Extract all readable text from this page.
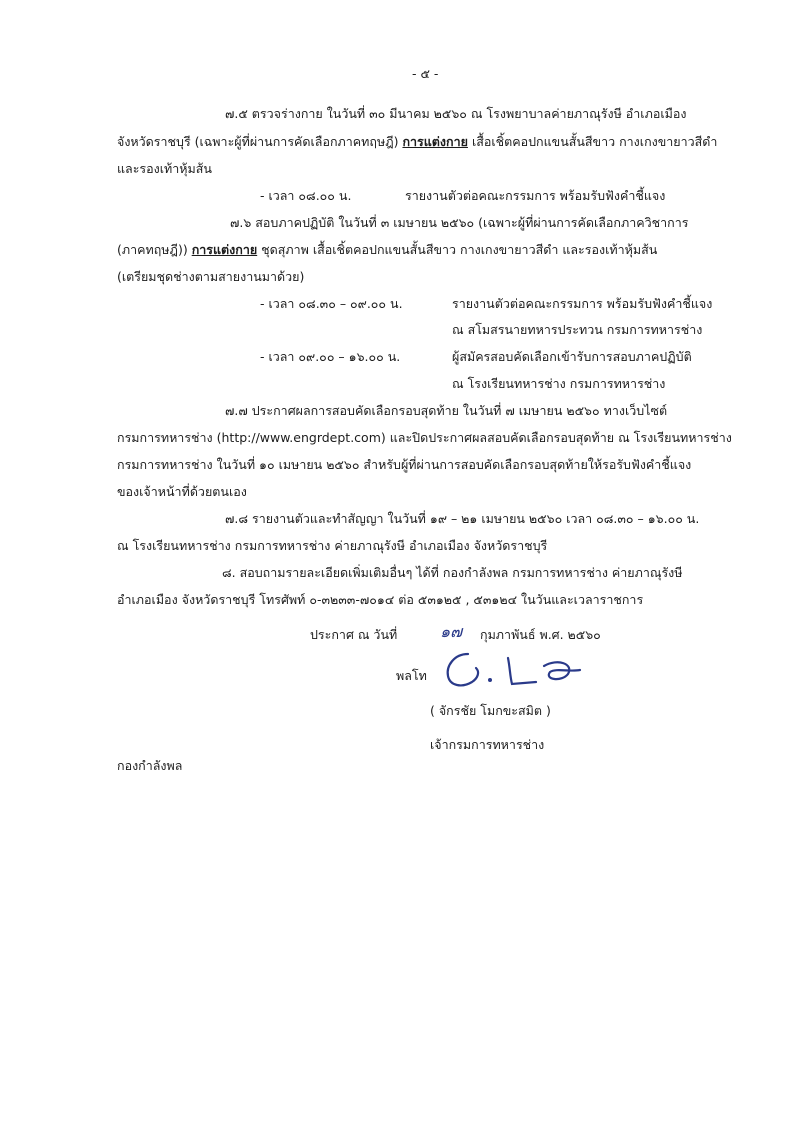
- ๕ -
๗.๕ ตรวจร่างกาย ในวันที่ ๓๐ มีนาคม ๒๕๖๐ ณ โรงพยาบาลค่ายภาณุรังษี อำเภอเมือง
จังหวัดราชบุรี (เฉพาะผู้ที่ผ่านการคัดเลือกภาคทฤษฎี) การแต่งกาย เสื้อเชิ้ตคอปกแขนสั้นสีขาว กางเกงขายาวสีดำ
และรองเท้าหุ้มส้น
- เวลา ๐๘.๐๐ น.	รายงานตัวต่อคณะกรรมการ พร้อมรับฟังคำชี้แจง
๗.๖ สอบภาคปฏิบัติ ในวันที่ ๓ เมษายน ๒๕๖๐ (เฉพาะผู้ที่ผ่านการคัดเลือกภาควิชาการ
(ภาคทฤษฎี)) การแต่งกาย ชุดสุภาพ เสื้อเชิ้ตคอปกแขนสั้นสีขาว กางเกงขายาวสีดำ และรองเท้าหุ้มส้น
(เตรียมชุดช่างตามสายงานมาด้วย)
- เวลา ๐๘.๓๐ – ๐๙.๐๐ น.	รายงานตัวต่อคณะกรรมการ พร้อมรับฟังคำชี้แจง
ณ สโมสรนายทหารประทวน กรมการทหารช่าง
- เวลา ๐๙.๐๐ – ๑๖.๐๐ น.	ผู้สมัครสอบคัดเลือกเข้ารับการสอบภาคปฏิบัติ
ณ โรงเรียนทหารช่าง กรมการทหารช่าง
๗.๗ ประกาศผลการสอบคัดเลือกรอบสุดท้าย ในวันที่ ๗ เมษายน ๒๕๖๐ ทางเว็บไซต์
กรมการทหารช่าง (http://www.engrdept.com) และปิดประกาศผลสอบคัดเลือกรอบสุดท้าย ณ โรงเรียนทหารช่าง
กรมการทหารช่าง ในวันที่ ๑๐ เมษายน ๒๕๖๐ สำหรับผู้ที่ผ่านการสอบคัดเลือกรอบสุดท้ายให้รอรับฟังคำชี้แจง
ของเจ้าหน้าที่ด้วยตนเอง
๗.๘ รายงานตัวและทำสัญญา ในวันที่ ๑๙ – ๒๑ เมษายน ๒๕๖๐ เวลา ๐๘.๓๐ – ๑๖.๐๐ น.
ณ โรงเรียนทหารช่าง กรมการทหารช่าง ค่ายภาณุรังษี อำเภอเมือง จังหวัดราชบุรี
๘. สอบถามรายละเอียดเพิ่มเติมอื่นๆ ได้ที่ กองกำลังพล กรมการทหารช่าง ค่ายภาณุรังษี
อำเภอเมือง จังหวัดราชบุรี โทรศัพท์ ๐-๓๒๓๓-๗๐๑๔ ต่อ ๕๓๑๒๕ , ๕๓๑๒๔ ในวันและเวลาราชการ
ประกาศ ณ วันที่	๑๗ กุมภาพันธ์ พ.ศ. ๒๕๖๐
พลโท
( จักรชัย โมกขะสมิต )
เจ้ากรมการทหารช่าง
กองกำลังพล
